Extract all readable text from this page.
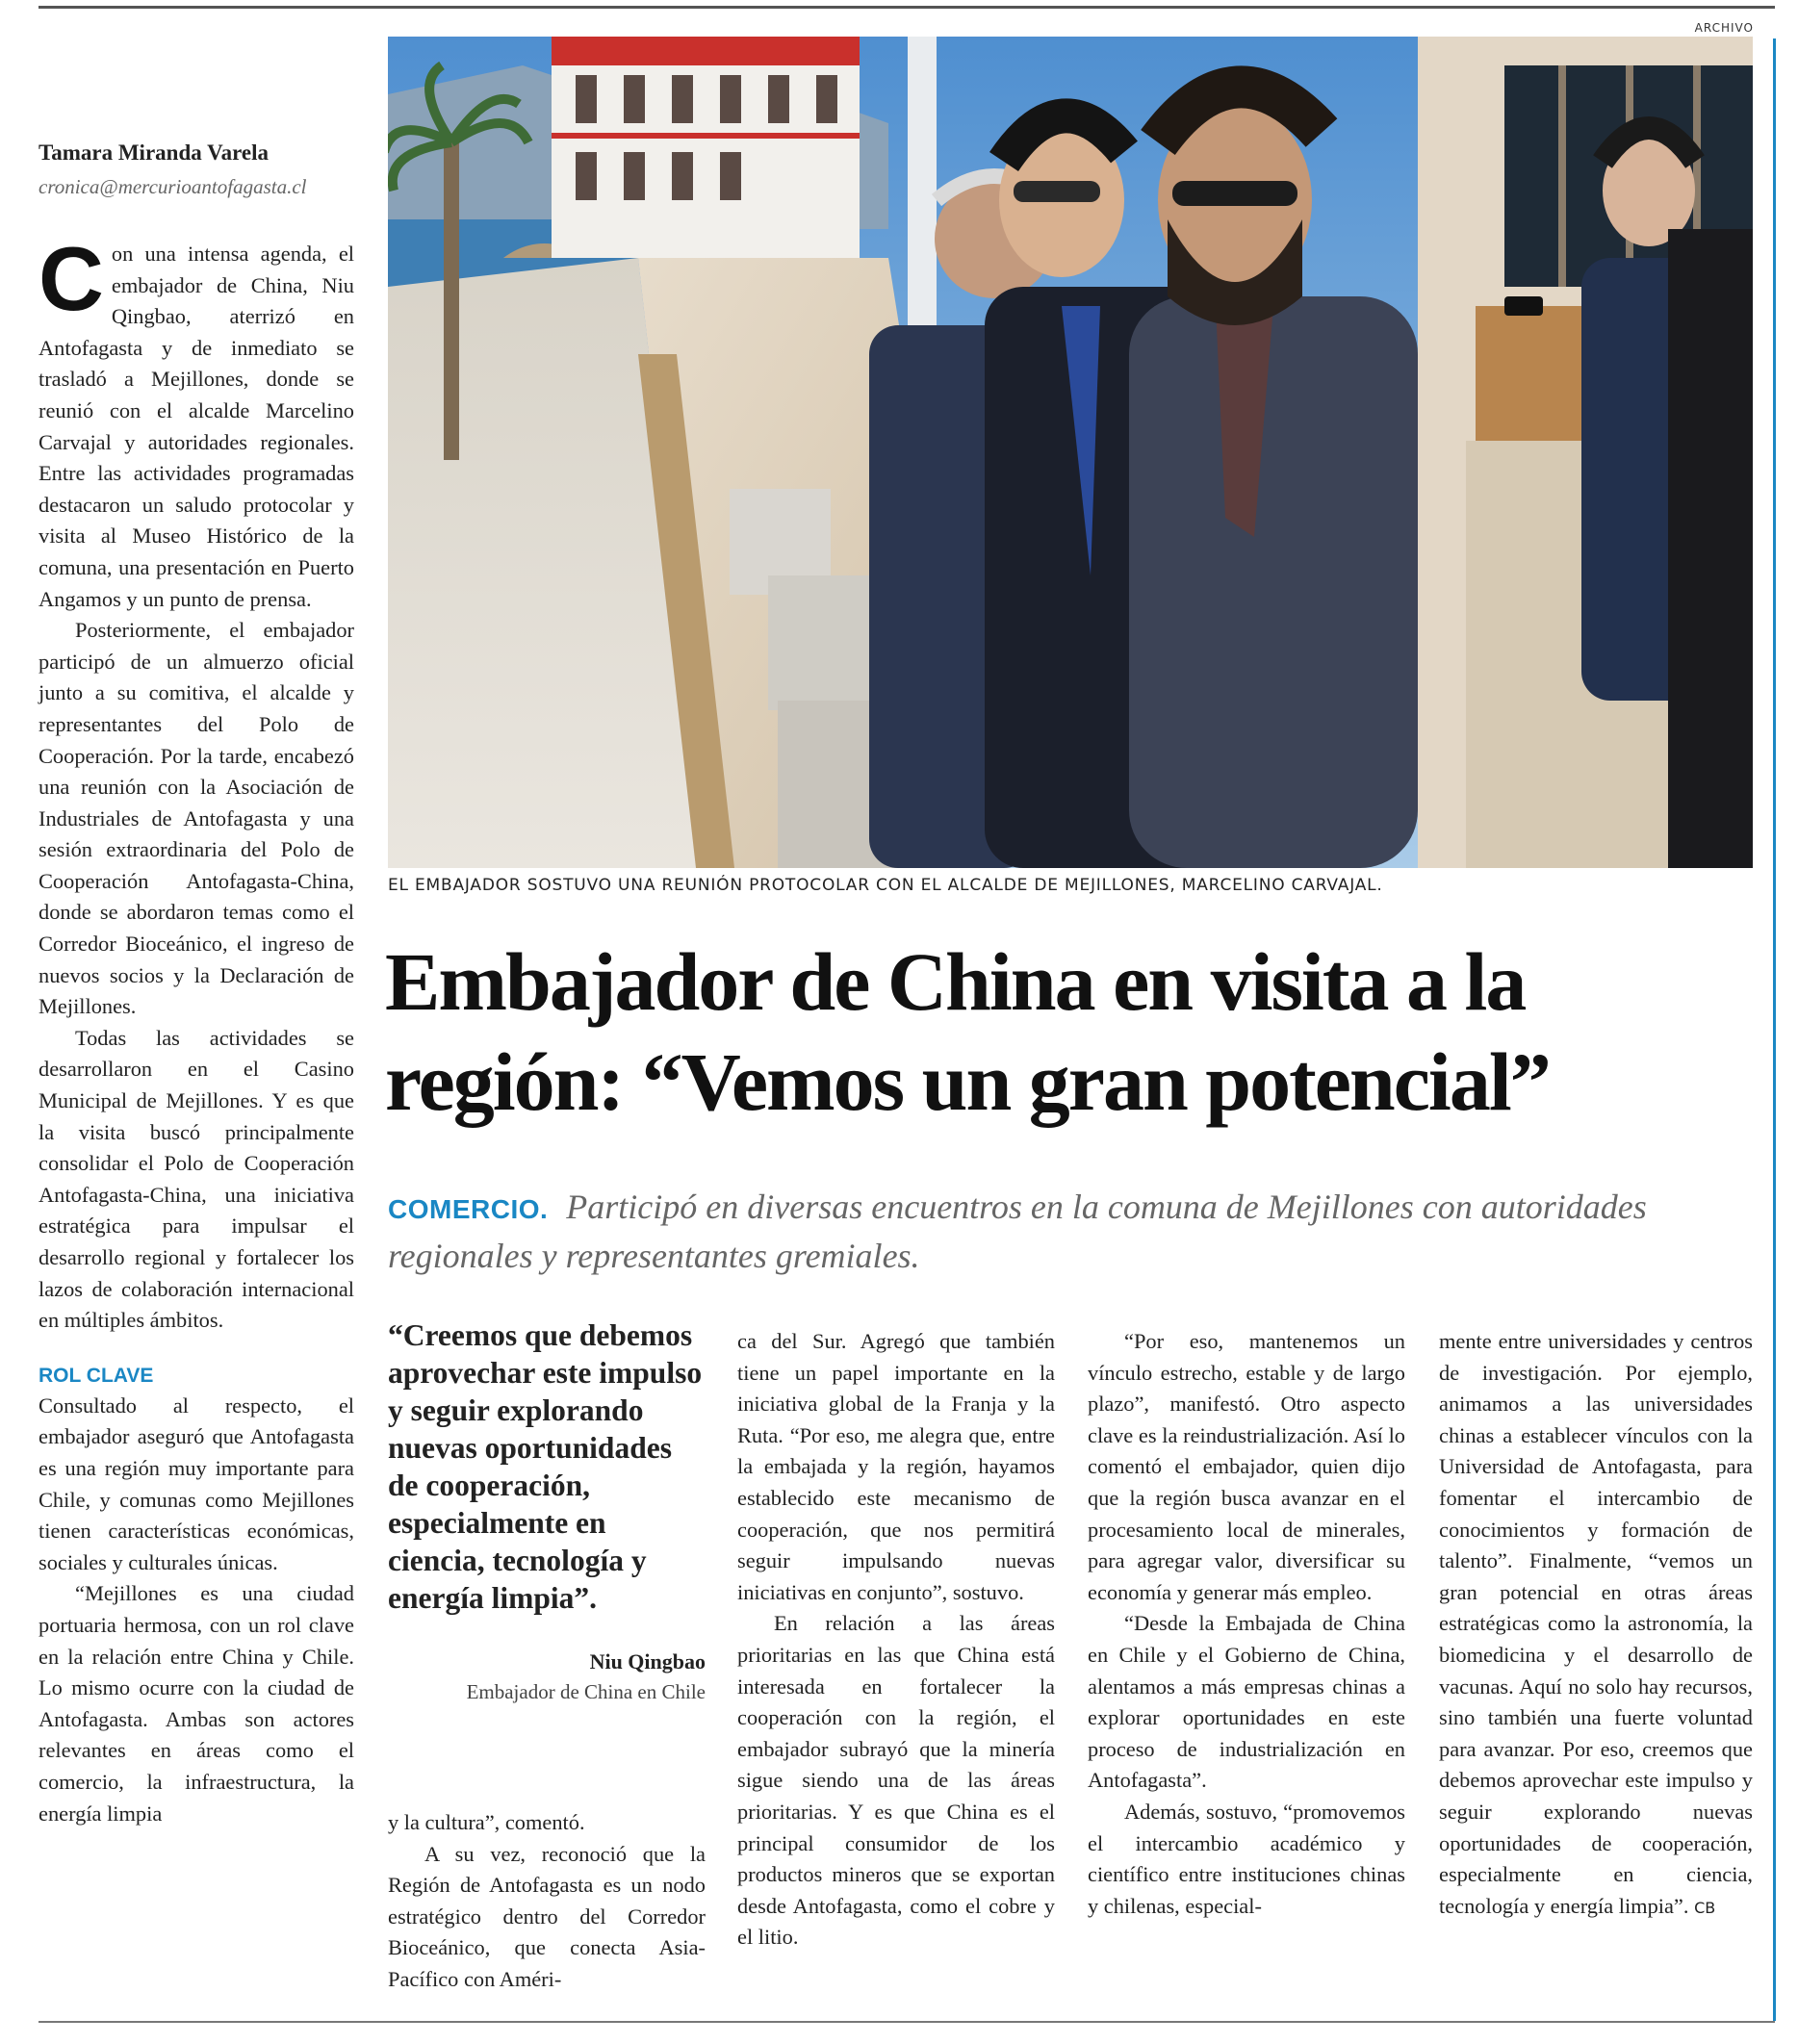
ARCHIVO
Tamara Miranda Varela
cronica@mercurioantofagasta.cl
C on una intensa agenda, el embajador de China, Niu Qingbao, aterrizó en Antofagasta y de inmediato se trasladó a Mejillones, donde se reunió con el alcalde Marcelino Carvajal y autoridades regionales. Entre las actividades programadas destacaron un saludo protocolar y visita al Museo Histórico de la comuna, una presentación en Puerto Angamos y un punto de prensa.

Posteriormente, el embajador participó de un almuerzo oficial junto a su comitiva, el alcalde y representantes del Polo de Cooperación. Por la tarde, encabezó una reunión con la Asociación de Industriales de Antofagasta y una sesión extraordinaria del Polo de Cooperación Antofagasta-China, donde se abordaron temas como el Corredor Bioceánico, el ingreso de nuevos socios y la Declaración de Mejillones.

Todas las actividades se desarrollaron en el Casino Municipal de Mejillones. Y es que la visita buscó principalmente consolidar el Polo de Cooperación Antofagasta-China, una iniciativa estratégica para impulsar el desarrollo regional y fortalecer los lazos de colaboración internacional en múltiples ámbitos.

ROL CLAVE

Consultado al respecto, el embajador aseguró que Antofagasta es una región muy importante para Chile, y comunas como Mejillones tienen características económicas, sociales y culturales únicas.

“Mejillones es una ciudad portuaria hermosa, con un rol clave en la relación entre China y Chile. Lo mismo ocurre con la ciudad de Antofagasta. Ambas son actores relevantes en áreas como el comercio, la infraestructura, la energía limpia

EL EMBAJADOR SOSTUVO UNA REUNIÓN PROTOCOLAR CON EL ALCALDE DE MEJILLONES, MARCELINO CARVAJAL.
Embajador de China en visita a la región: “Vemos un gran potencial”
COMERCIO. Participó en diversas encuentros en la comuna de Mejillones con autoridades regionales y representantes gremiales.
“Creemos que debemos aprovechar este impulso y seguir explorando nuevas oportunidades de cooperación, especialmente en ciencia, tecnología y energía limpia”.
Niu Qingbao
Embajador de China en Chile

y la cultura”, comentó.

A su vez, reconoció que la Región de Antofagasta es un nodo estratégico dentro del Corredor Bioceánico, que conecta Asia-Pacífico con Améri-

ca del Sur. Agregó que también tiene un papel importante en la iniciativa global de la Franja y la Ruta. “Por eso, me alegra que, entre la embajada y la región, hayamos establecido este mecanismo de cooperación, que nos permitirá seguir impulsando nuevas iniciativas en conjunto”, sostuvo.

En relación a las áreas prioritarias en las que China está interesada en fortalecer la cooperación con la región, el embajador subrayó que la minería sigue siendo una de las áreas prioritarias. Y es que China es el principal consumidor de los productos mineros que se exportan desde Antofagasta, como el cobre y el litio.

“Por eso, mantenemos un vínculo estrecho, estable y de largo plazo”, manifestó. Otro aspecto clave es la reindustrialización. Así lo comentó el embajador, quien dijo que la región busca avanzar en el procesamiento local de minerales, para agregar valor, diversificar su economía y generar más empleo.

“Desde la Embajada de China en Chile y el Gobierno de China, alentamos a más empresas chinas a explorar oportunidades en este proceso de industrialización en Antofagasta”.

Además, sostuvo, “promovemos el intercambio académico y científico entre instituciones chinas y chilenas, especial-

mente entre universidades y centros de investigación. Por ejemplo, animamos a las universidades chinas a establecer vínculos con la Universidad de Antofagasta, para fomentar el intercambio de conocimientos y formación de talento”. Finalmente, “vemos un gran potencial en otras áreas estratégicas como la astronomía, la biomedicina y el desarrollo de vacunas. Aquí no solo hay recursos, sino también una fuerte voluntad para avanzar. Por eso, creemos que debemos aprovechar este impulso y seguir explorando nuevas oportunidades de cooperación, especialmente en ciencia, tecnología y energía limpia”. CB
